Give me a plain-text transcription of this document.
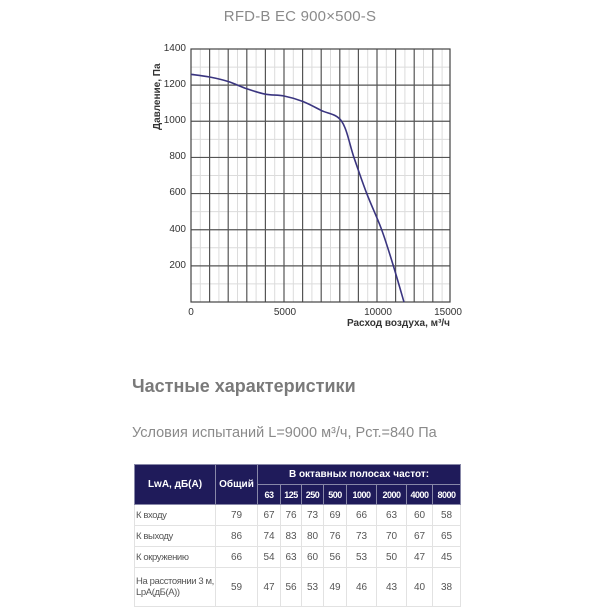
RFD-B EC 900×500-S
Давление, Па
1400
1200
1000
800
600
400
200
0	5000	10000	15000
Расход воздуха, м³/ч
Частные характеристики
Условия испытаний L=9000 м³/ч, Рст.=840 Па
LwA, дБ(A)	Общий	В октавных полосах частот:							
		63	125	250	500	1000	2000	4000	8000
К входу	79	67	76	73	69	66	63	60	58
К выходу	86	74	83	80	76	73	70	67	65
К окружению	66	54	63	60	56	53	50	47	45
На расстоянии 3 м, LpA(дБ(A))	59	47	56	53	49	46	43	40	38
